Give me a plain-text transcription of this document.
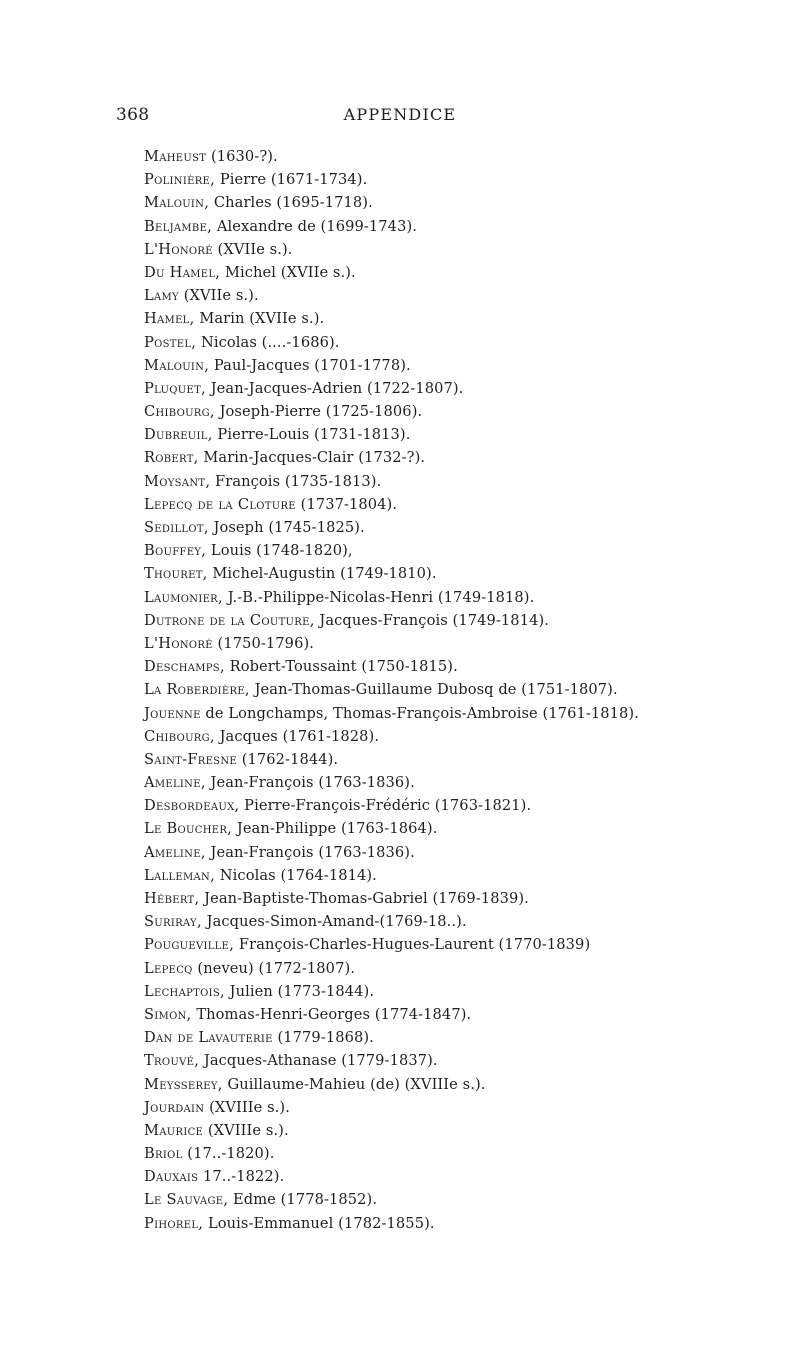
368	APPENDICE
Maheust (1630-?).
Polinière, Pierre (1671-1734).
Malouin, Charles (1695-1718).
Beljambe, Alexandre de (1699-1743).
L'Honoré (XVIIe s.).
Du Hamel, Michel (XVIIe s.).
Lamy (XVIIe s.).
Hamel, Marin (XVIIe s.).
Postel, Nicolas (....-1686).
Malouin, Paul-Jacques (1701-1778).
Pluquet, Jean-Jacques-Adrien (1722-1807).
Chibourg, Joseph-Pierre (1725-1806).
Dubreuil, Pierre-Louis (1731-1813).
Robert, Marin-Jacques-Clair (1732-?).
Moysant, François (1735-1813).
Lepecq de la Cloture (1737-1804).
Sedillot, Joseph (1745-1825).
Bouffey, Louis (1748-1820),
Thouret, Michel-Augustin (1749-1810).
Laumonier, J.-B.-Philippe-Nicolas-Henri (1749-1818).
Dutrone de la Couture, Jacques-François (1749-1814).
L'Honoré (1750-1796).
Deschamps, Robert-Toussaint (1750-1815).
La Roberdière, Jean-Thomas-Guillaume Dubosq de (1751-1807).
Jouenne de Longchamps, Thomas-François-Ambroise (1761-1818).
Chibourg, Jacques (1761-1828).
Saint-Fresne (1762-1844).
Ameline, Jean-François (1763-1836).
Desbordeaux, Pierre-François-Frédéric (1763-1821).
Le Boucher, Jean-Philippe (1763-1864).
Ameline, Jean-François (1763-1836).
Lalleman, Nicolas (1764-1814).
Hébert, Jean-Baptiste-Thomas-Gabriel (1769-1839).
Suriray, Jacques-Simon-Amand-(1769-18..).
Pougueville, François-Charles-Hugues-Laurent (1770-1839)
Lepecq (neveu) (1772-1807).
Lechaptois, Julien (1773-1844).
Simon, Thomas-Henri-Georges (1774-1847).
Dan de Lavauterie (1779-1868).
Trouvé, Jacques-Athanase (1779-1837).
Meysserey, Guillaume-Mahieu (de) (XVIIIe s.).
Jourdain (XVIIIe s.).
Maurice (XVIIIe s.).
Briol (17..-1820).
Dauxais 17..-1822).
Le Sauvage, Edme (1778-1852).
Pihorel, Louis-Emmanuel (1782-1855).
